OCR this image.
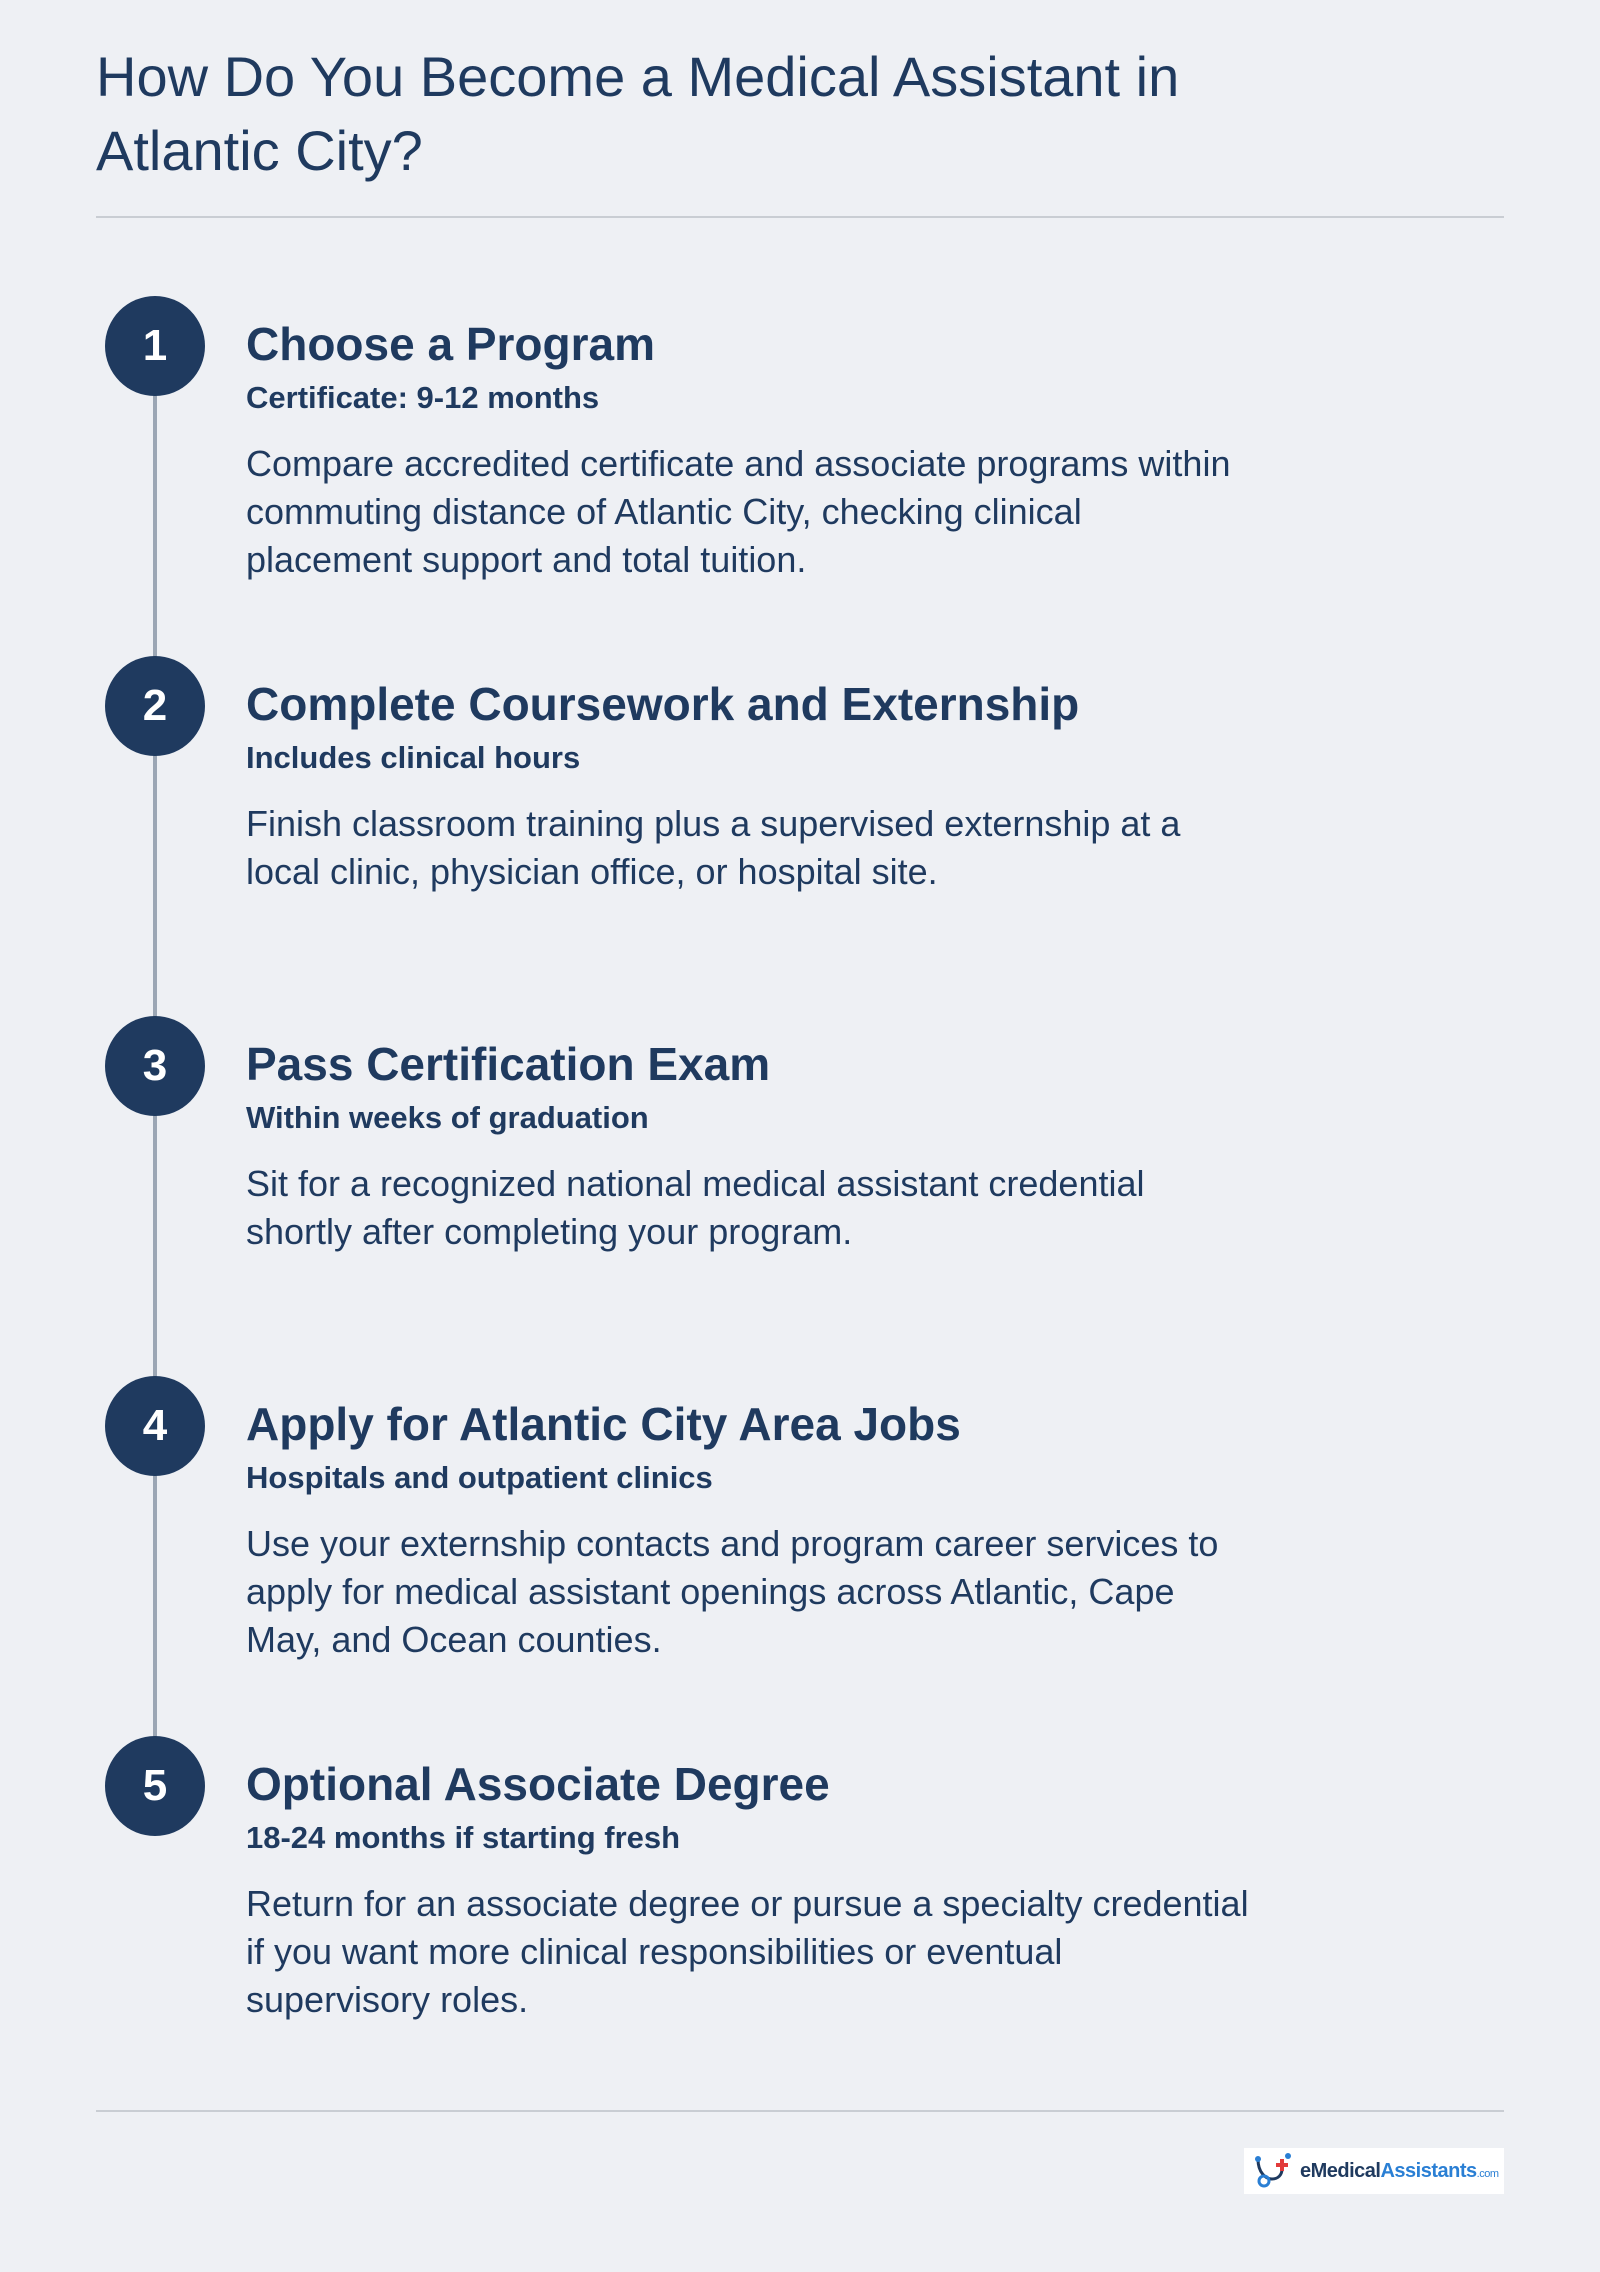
How Do You Become a Medical Assistant in Atlantic City?
1	Choose a Program

Certificate: 9-12 months

Compare accredited certificate and associate programs within commuting distance of Atlantic City, checking clinical placement support and total tuition.

2	Complete Coursework and Externship

Includes clinical hours

Finish classroom training plus a supervised externship at a local clinic, physician office, or hospital site.

3	Pass Certification Exam

Within weeks of graduation

Sit for a recognized national medical assistant credential shortly after completing your program.

4	Apply for Atlantic City Area Jobs

Hospitals and outpatient clinics

Use your externship contacts and program career services to apply for medical assistant openings across Atlantic, Cape May, and Ocean counties.

5	Optional Associate Degree

18-24 months if starting fresh

Return for an associate degree or pursue a specialty credential if you want more clinical responsibilities or eventual supervisory roles.

eMedicalAssistants.com
